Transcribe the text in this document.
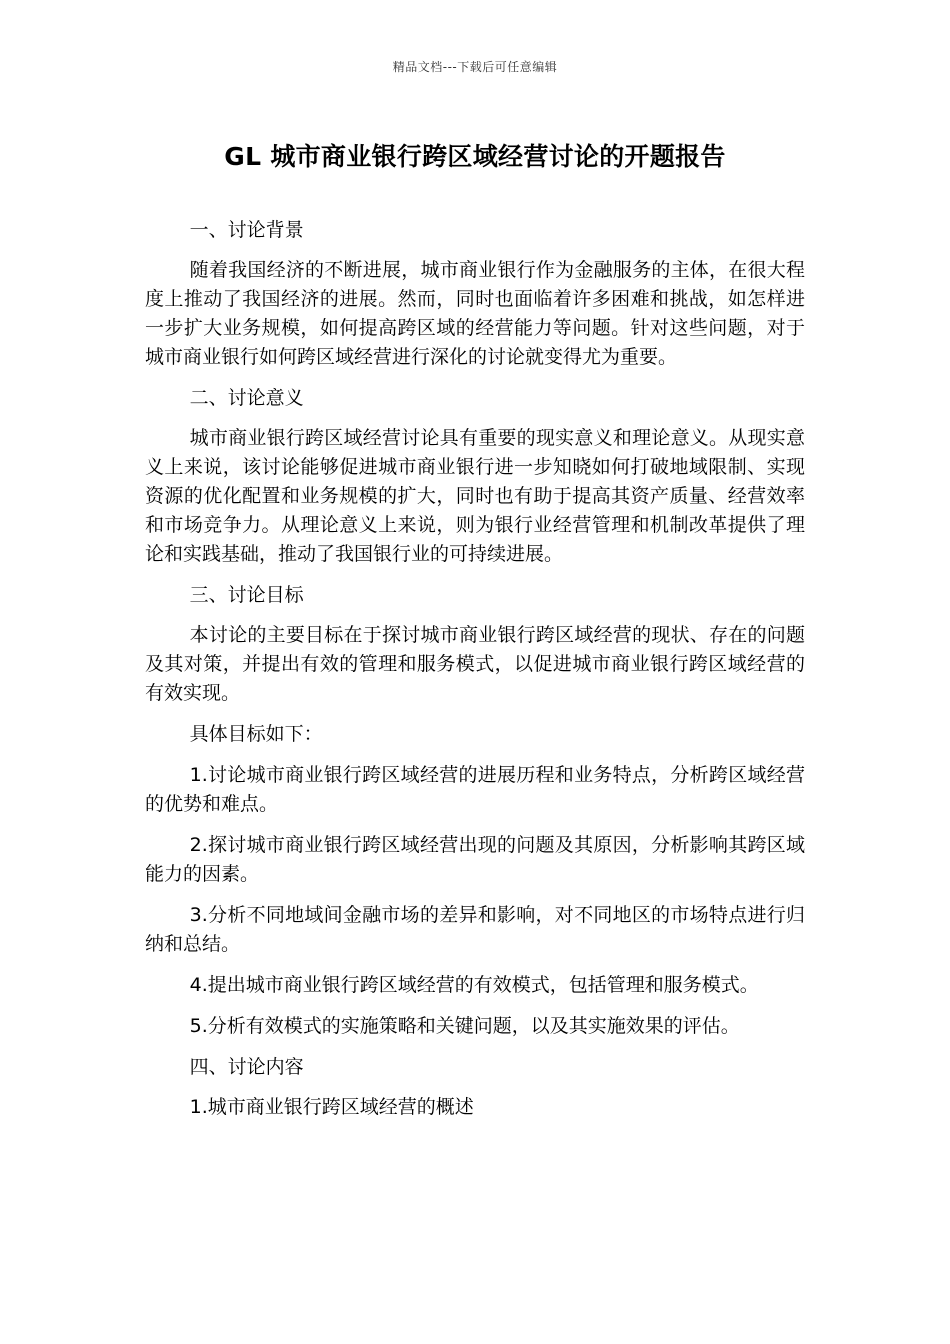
精品文档---下载后可任意编辑
GL 城市商业银行跨区域经营讨论的开题报告

一、讨论背景

随着我国经济的不断进展，城市商业银行作为金融服务的主体，在很大程度上推动了我国经济的进展。然而，同时也面临着许多困难和挑战，如怎样进一步扩大业务规模，如何提高跨区域的经营能力等问题。针对这些问题，对于城市商业银行如何跨区域经营进行深化的讨论就变得尤为重要。

二、讨论意义

城市商业银行跨区域经营讨论具有重要的现实意义和理论意义。从现实意义上来说，该讨论能够促进城市商业银行进一步知晓如何打破地域限制、实现资源的优化配置和业务规模的扩大，同时也有助于提高其资产质量、经营效率和市场竞争力。从理论意义上来说，则为银行业经营管理和机制改革提供了理论和实践基础，推动了我国银行业的可持续进展。

三、讨论目标

本讨论的主要目标在于探讨城市商业银行跨区域经营的现状、存在的问题及其对策，并提出有效的管理和服务模式，以促进城市商业银行跨区域经营的有效实现。

具体目标如下：

1.讨论城市商业银行跨区域经营的进展历程和业务特点，分析跨区域经营的优势和难点。

2.探讨城市商业银行跨区域经营出现的问题及其原因，分析影响其跨区域能力的因素。

3.分析不同地域间金融市场的差异和影响，对不同地区的市场特点进行归纳和总结。

4.提出城市商业银行跨区域经营的有效模式，包括管理和服务模式。

5.分析有效模式的实施策略和关键问题，以及其实施效果的评估。

四、讨论内容

1.城市商业银行跨区域经营的概述
